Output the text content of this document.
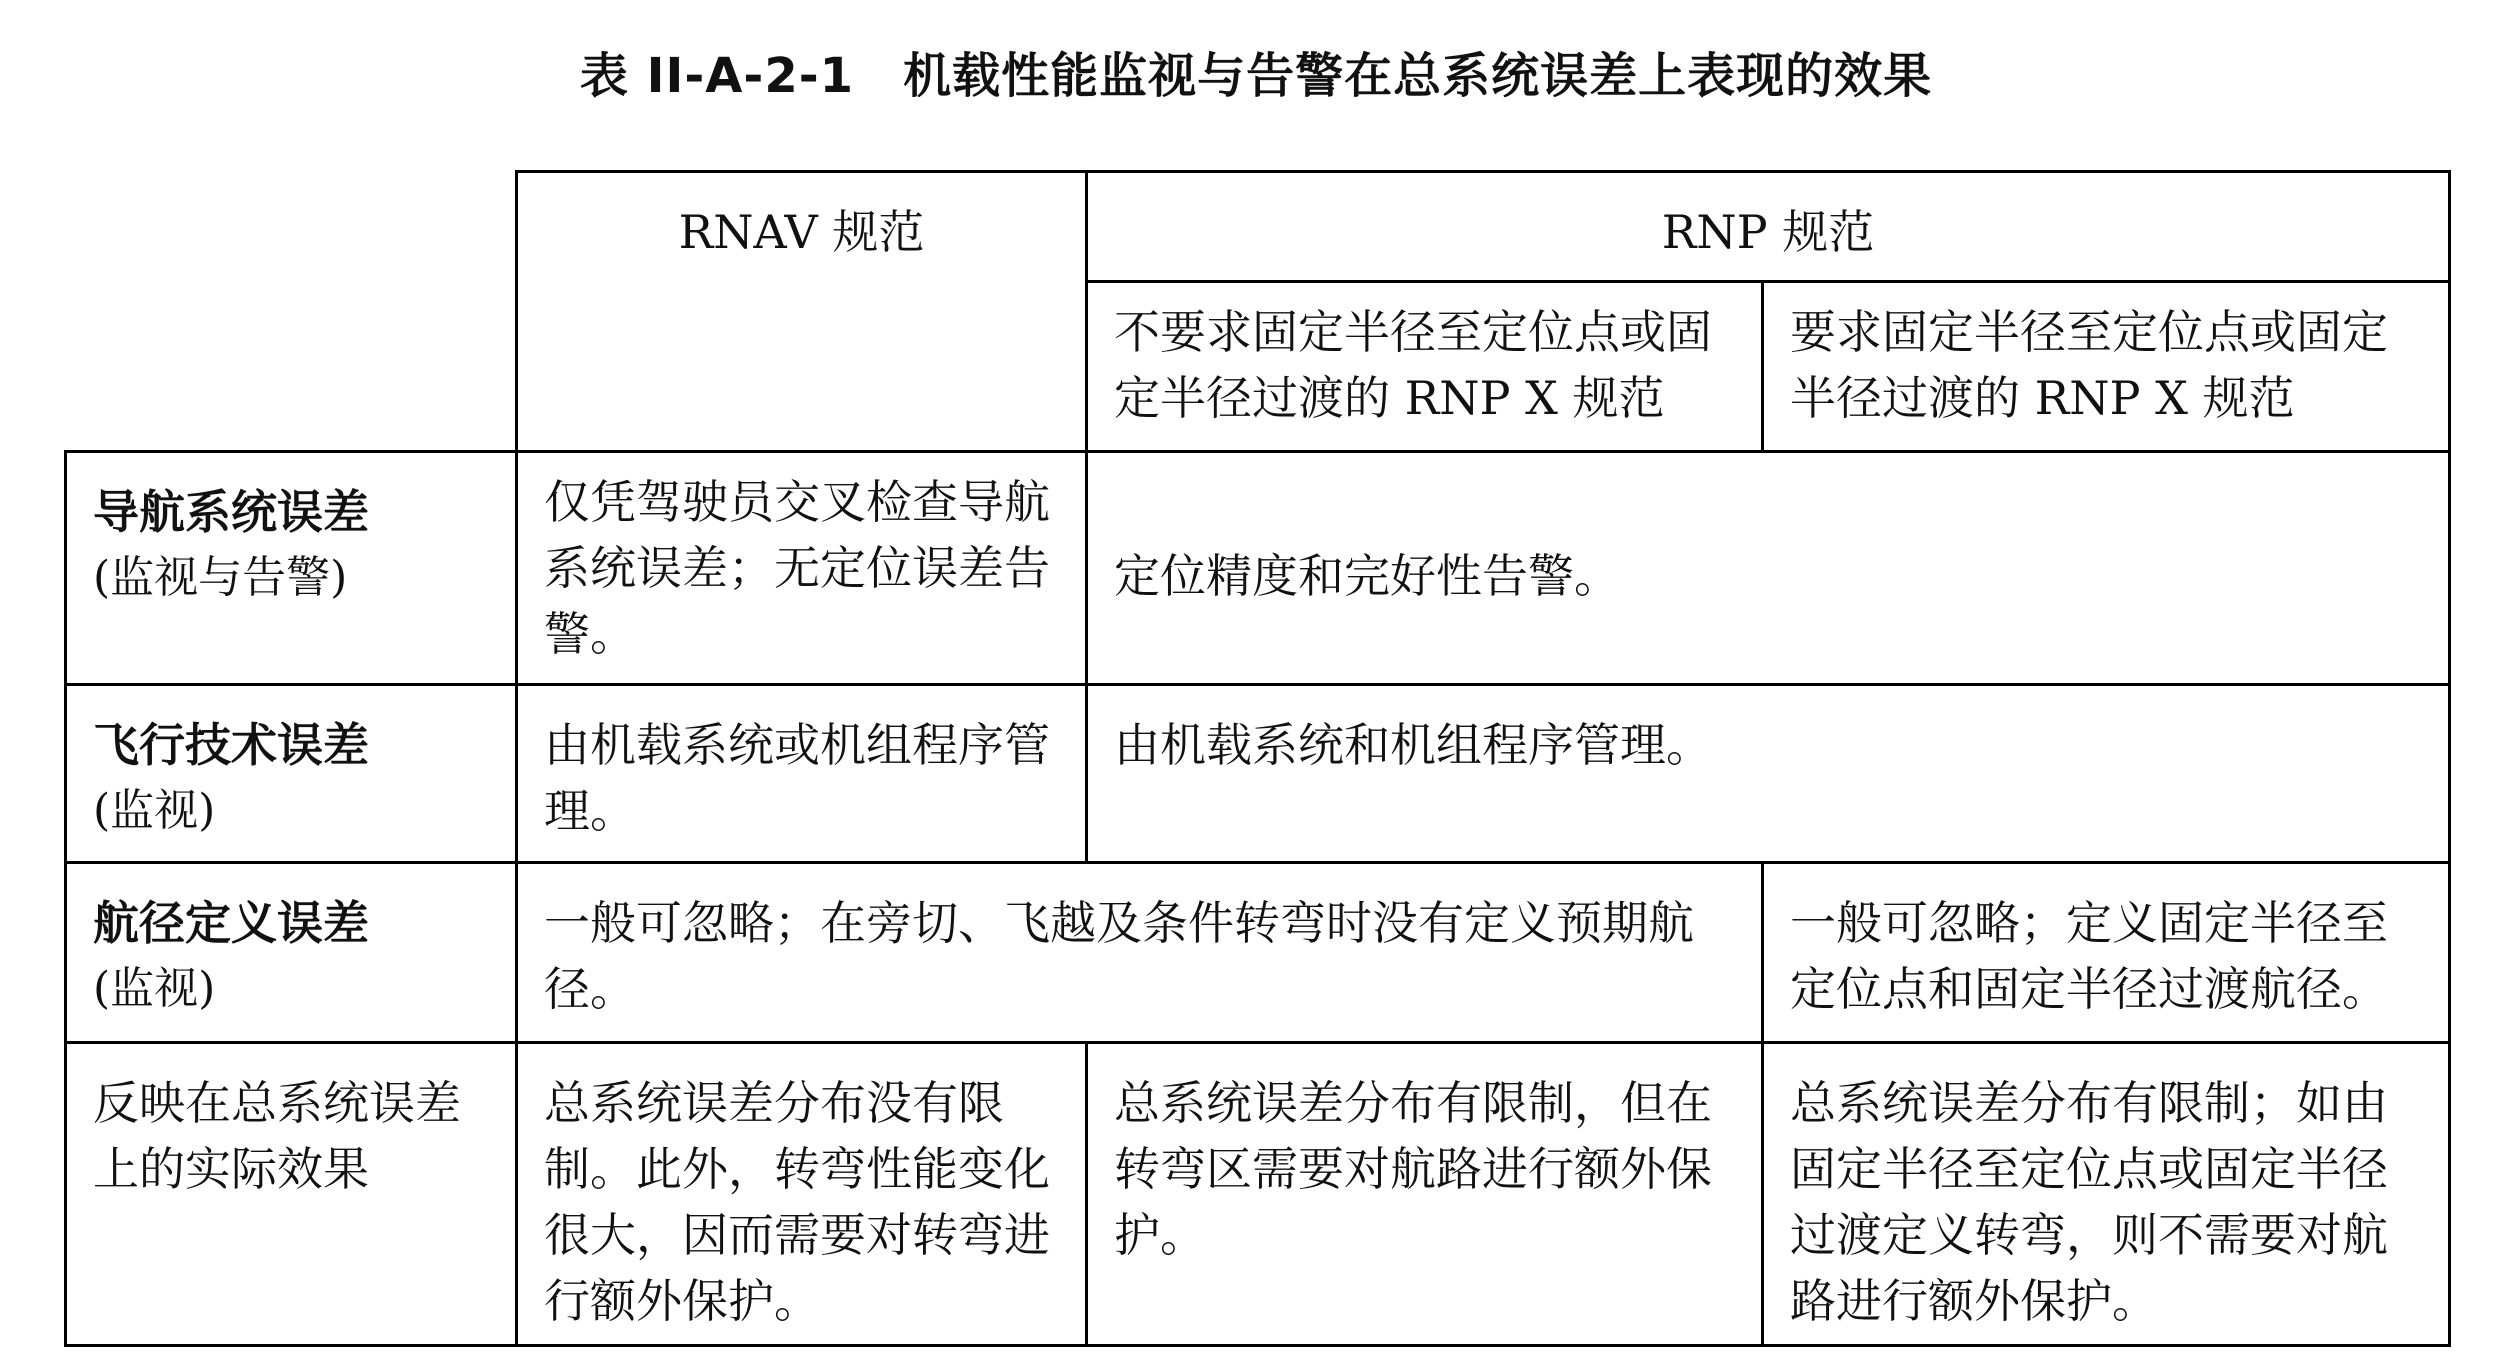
表 II-A-2-1　机载性能监视与告警在总系统误差上表现的效果
	RNAV 规范	RNP 规范	

		不要求固定半径至定位点或固定半径过渡的 RNP X 规范	要求固定半径至定位点或固定半径过渡的 RNP X 规范

导航系统误差
(监视与告警)	仅凭驾驶员交叉检查导航系统误差；无定位误差告警。	定位精度和完好性告警。	

飞行技术误差
(监视)	由机载系统或机组程序管理。	由机载系统和机组程序管理。	

航径定义误差
(监视)	一般可忽略；在旁切、飞越及条件转弯时没有定义预期航径。		一般可忽略；定义固定半径至定位点和固定半径过渡航径。

反映在总系统误差上的实际效果	总系统误差分布没有限制。此外，转弯性能变化很大，因而需要对转弯进行额外保护。	总系统误差分布有限制，但在转弯区需要对航路进行额外保护。	总系统误差分布有限制；如由固定半径至定位点或固定半径过渡定义转弯，则不需要对航路进行额外保护。
